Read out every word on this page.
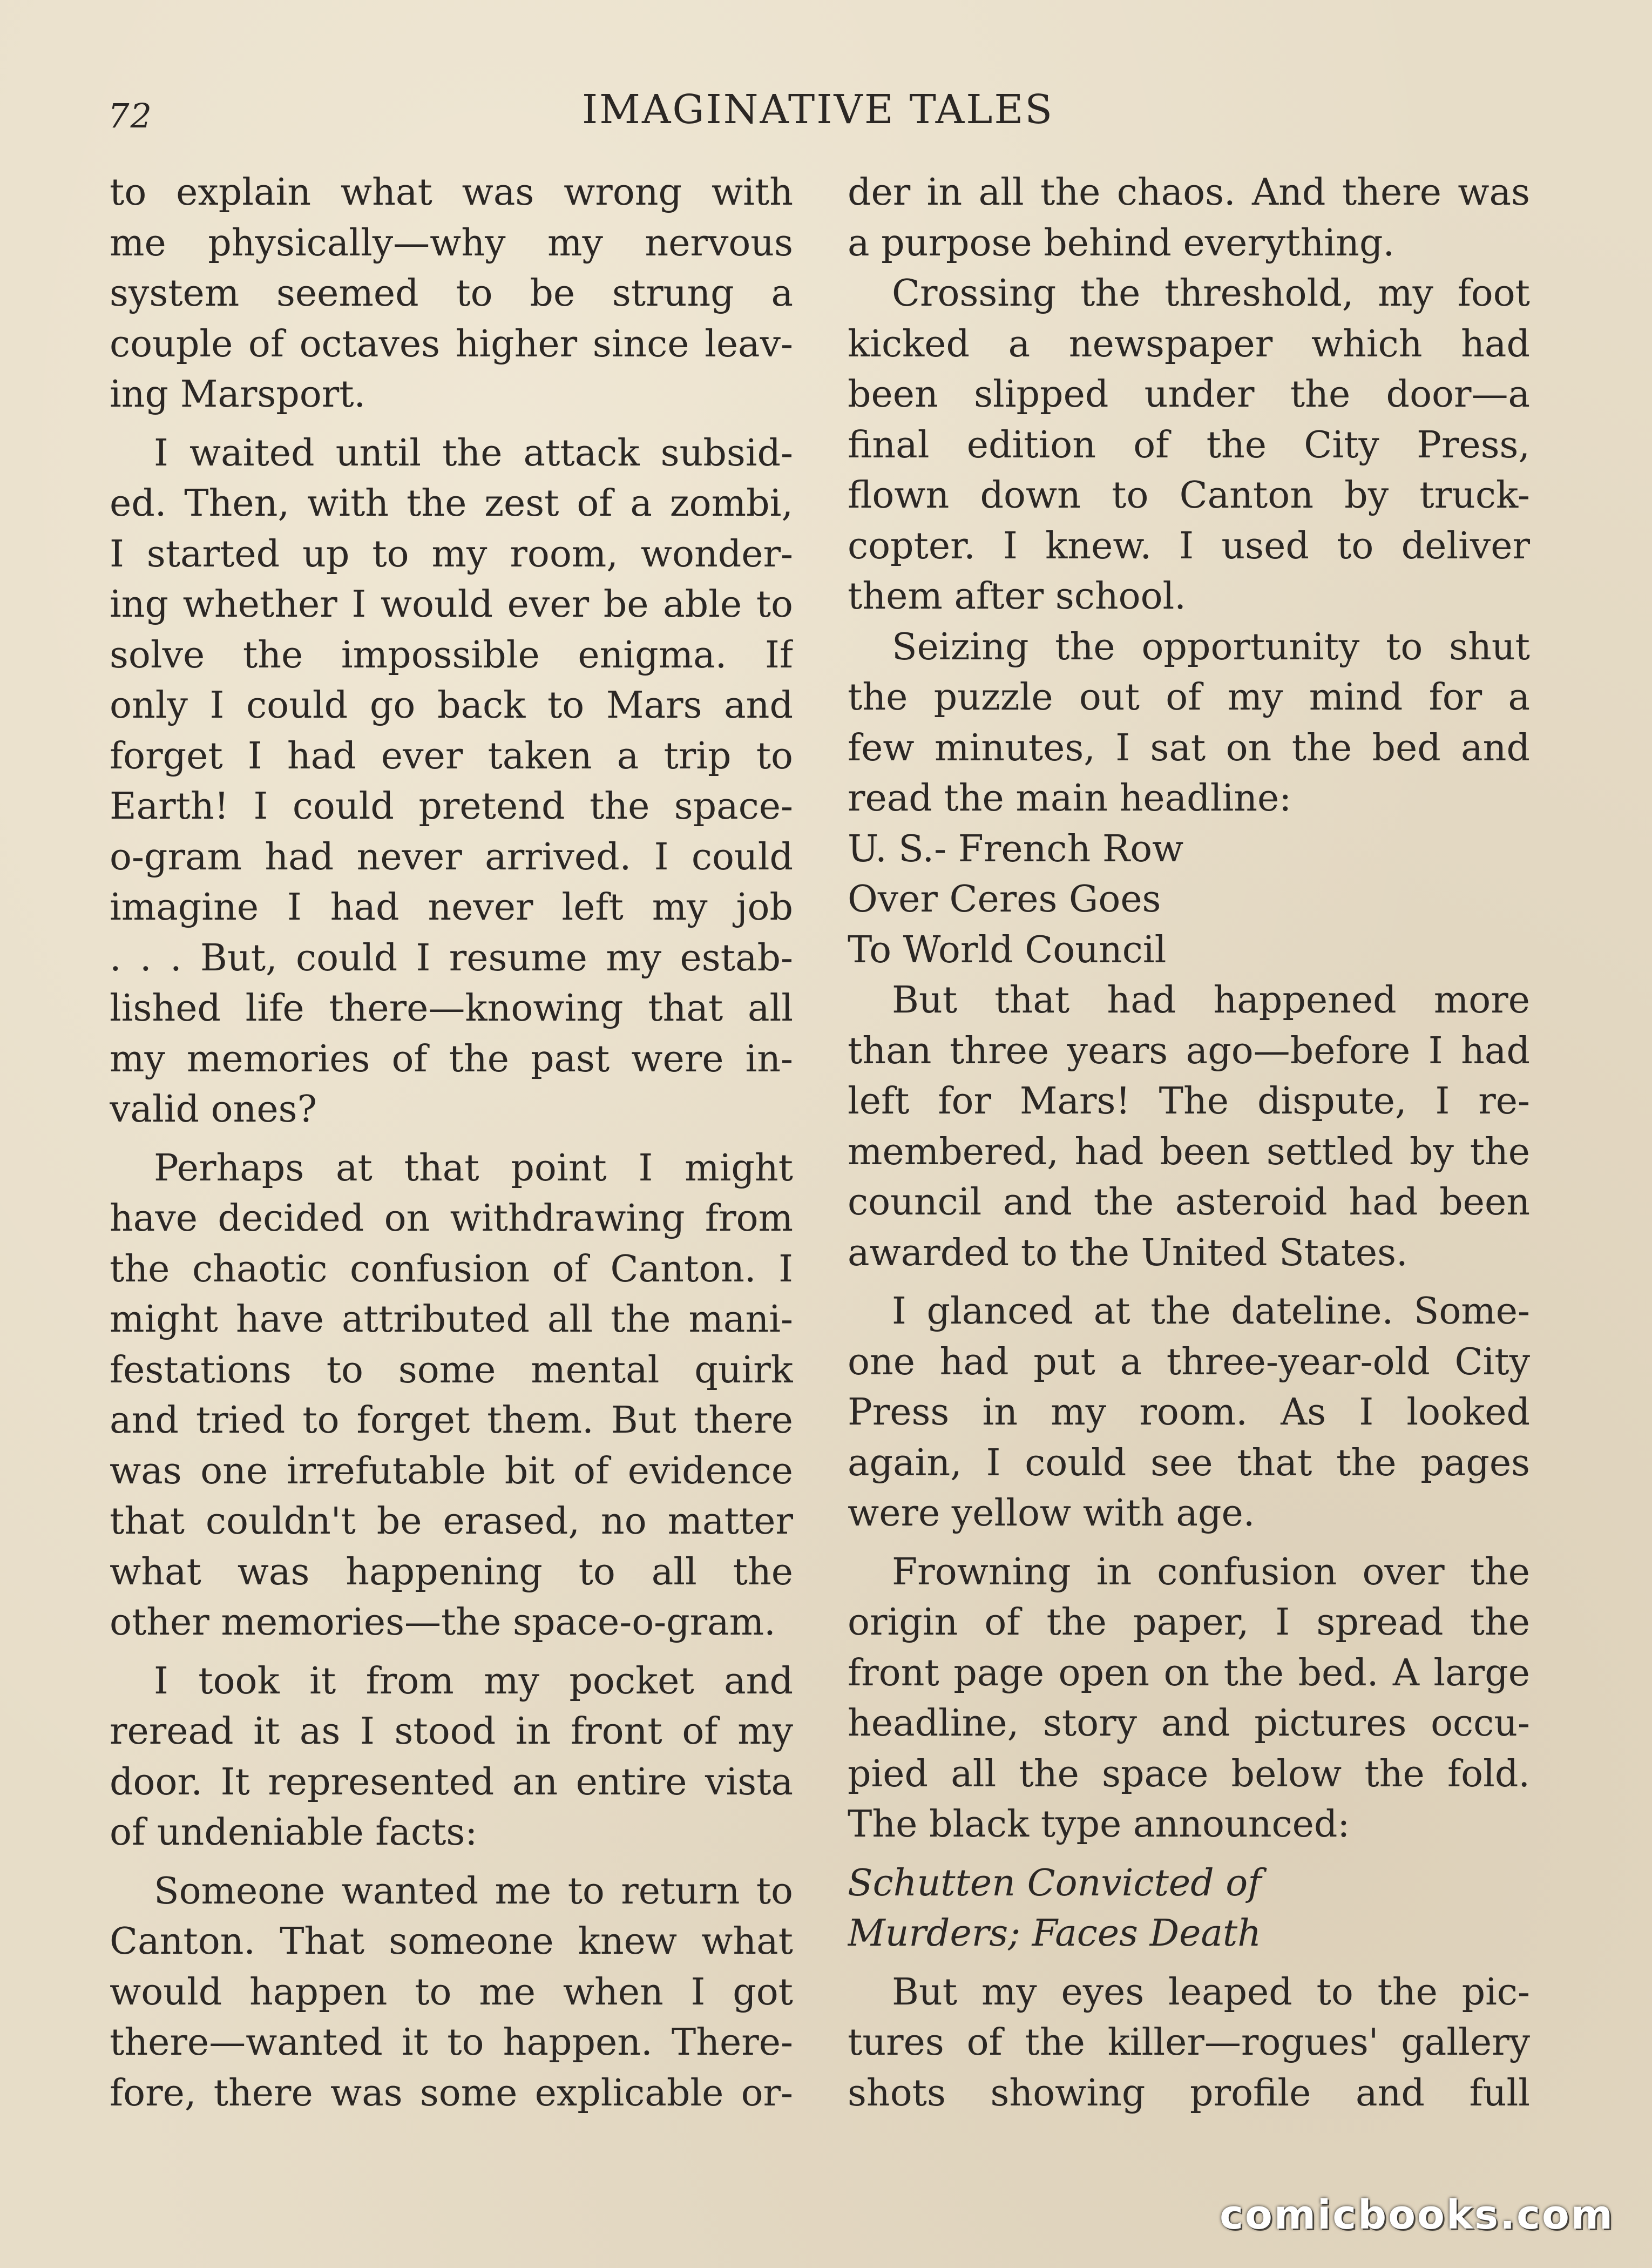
72	IMAGINATIVE TALES
to explain what was wrong with
me physically—why my nervous
system seemed to be strung a
couple of octaves higher since leav-
ing Marsport.
I waited until the attack subsid-
ed. Then, with the zest of a zombi,
I started up to my room, wonder-
ing whether I would ever be able to
solve the impossible enigma. If
only I could go back to Mars and
forget I had ever taken a trip to
Earth! I could pretend the space-
o-gram had never arrived. I could
imagine I had never left my job
. . . But, could I resume my estab-
lished life there—knowing that all
my memories of the past were in-
valid ones?
Perhaps at that point I might
have decided on withdrawing from
the chaotic confusion of Canton. I
might have attributed all the mani-
festations to some mental quirk
and tried to forget them. But there
was one irrefutable bit of evidence
that couldn't be erased, no matter
what was happening to all the
other memories—the space-o-gram.
I took it from my pocket and
reread it as I stood in front of my
door. It represented an entire vista
of undeniable facts:
Someone wanted me to return to
Canton. That someone knew what
would happen to me when I got
there—wanted it to happen. There-
fore, there was some explicable or-
der in all the chaos. And there was
a purpose behind everything.
Crossing the threshold, my foot
kicked a newspaper which had
been slipped under the door—a
final edition of the City Press,
flown down to Canton by truck-
copter. I knew. I used to deliver
them after school.
Seizing the opportunity to shut
the puzzle out of my mind for a
few minutes, I sat on the bed and
read the main headline:
U. S.- French Row
Over Ceres Goes
To World Council
But that had happened more
than three years ago—before I had
left for Mars! The dispute, I re-
membered, had been settled by the
council and the asteroid had been
awarded to the United States.
I glanced at the dateline. Some-
one had put a three-year-old City
Press in my room. As I looked
again, I could see that the pages
were yellow with age.
Frowning in confusion over the
origin of the paper, I spread the
front page open on the bed. A large
headline, story and pictures occu-
pied all the space below the fold.
The black type announced:
Schutten Convicted of
Murders; Faces Death
But my eyes leaped to the pic-
tures of the killer—rogues' gallery
shots showing profile and full
comicbooks.com
